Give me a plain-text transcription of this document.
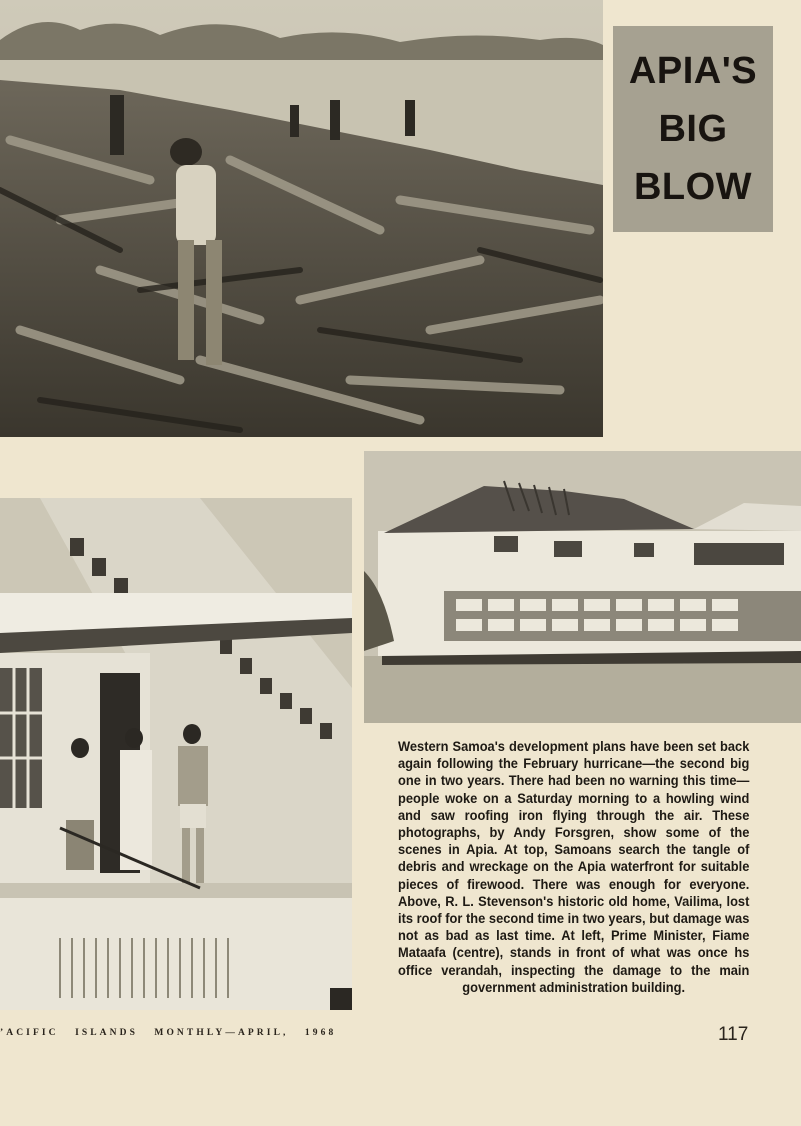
APIA'S
BIG
BLOW
Western Samoa's development plans have been set back again following the February hurricane—the second big one in two years. There had been no warning this time—people woke on a Saturday morning to a howling wind and saw roofing iron flying through the air. These photographs, by Andy Forsgren, show some of the scenes in Apia. At top, Samoans search the tangle of debris and wreckage on the Apia waterfront for suitable pieces of firewood. There was enough for everyone. Above, R. L. Stevenson's historic old home, Vailima, lost its roof for the second time in two years, but damage was not as bad as last time. At left, Prime Minister, Fiame Mataafa (centre), stands in front of what was once hs office verandah, inspecting the damage to the main government administration building.
’ACIFIC   ISLANDS   MONTHLY—APRIL,   1968	117
